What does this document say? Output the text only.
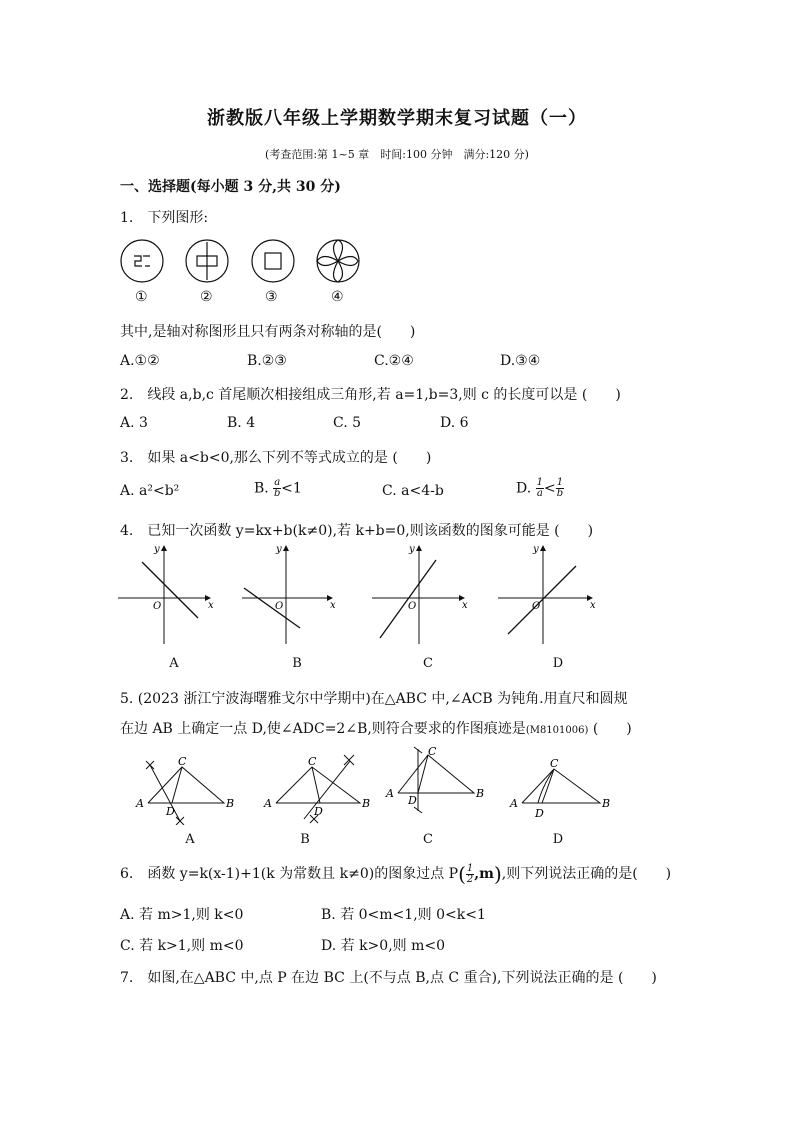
浙教版八年级上学期数学期末复习试题（一）
(考查范围:第 1~5 章　时间:100 分钟　满分:120 分)
一、选择题(每小题 3 分,共 30 分)
1.　下列图形:
①	②	③	④
其中,是轴对称图形且只有两条对称轴的是(　　)
A.①②	B.②③	C.②④	D.③④
2.　线段 a,b,c 首尾顺次相接组成三角形,若 a=1,b=3,则 c 的长度可以是 (　　)
A. 3	B. 4	C. 5	D. 6
3.　如果 a<b<0,那么下列不等式成立的是 (　　)
A. a²<b²	B. $\frac{a}{b} <1$	C. a<4-b	D. $\frac{1}{a} < \frac{1}{b}$
4.　已知一次函数 y=kx+b(k≠0),若 k+b=0,则该函数的图象可能是 (　　)
x
y
O	x
y
O	x
y
O	x
y
O
A	B	C	D
5. (2023 浙江宁波海曙雅戈尔中学期中)在△ABC 中,∠ACB 为钝角.用直尺和圆规
在边 AB 上确定一点 D,使∠ADC=2∠B,则符合要求的作图痕迹是(M8101006) (　　)
A
C
B
D
A
C
B
D
A
C
B
D	A
C
B
D
A	B	C	D
6.　函数 y=k(x-1)+1(k 为常数且 k≠0)的图象过点 $P( \frac{1}{2} ,m)$,则下列说法正确的是(　　)
A. 若 m>1,则 k<0	B. 若 0<m<1,则 0<k<1
C. 若 k>1,则 m<0	D. 若 k>0,则 m<0
7.　如图,在△ABC 中,点 P 在边 BC 上(不与点 B,点 C 重合),下列说法正确的是 (　　)
